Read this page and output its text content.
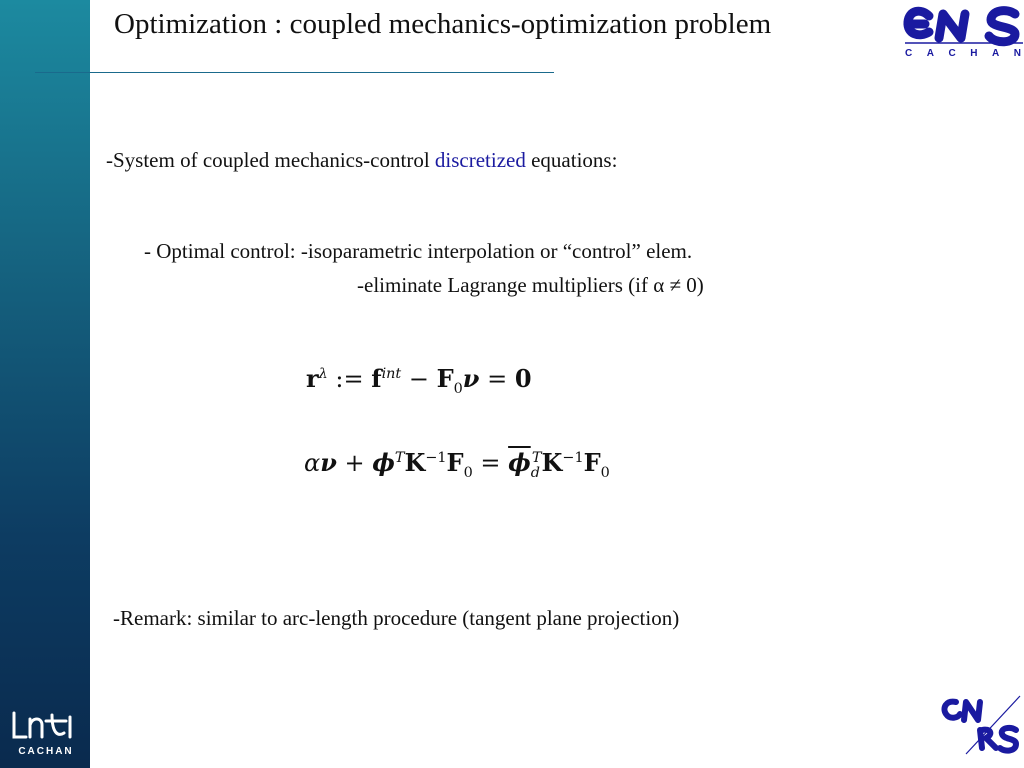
Optimization : coupled mechanics-optimization problem
C A C H A N
-System of coupled mechanics-control discretized equations:
- Optimal control: -isoparametric interpolation or “control” elem.
-eliminate Lagrange multipliers (if α ≠ 0)
$r^\lambda$ := $f^{int} - F_0\nu = 0$
$\alpha\nu + \phi^TK^{-1}F_0 = \overline{\phi}_d^TK^{-1}F_0$
-Remark: similar to arc-length procedure (tangent plane projection)
CACHAN
